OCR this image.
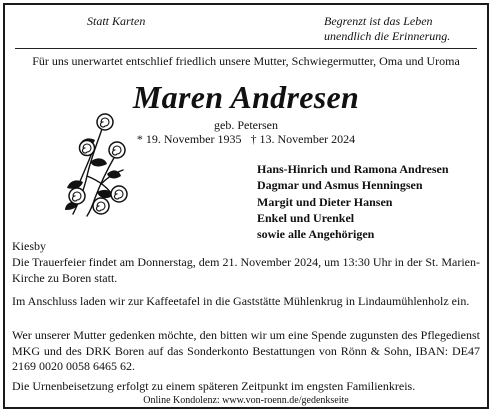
Statt Karten	Begrenzt ist das Leben
unendlich die Erinnerung.
Für uns unerwartet entschlief friedlich unsere Mutter, Schwiegermutter, Oma und Uroma
Maren Andresen
geb. Petersen
* 19. November 1935   † 13. November 2024
Hans-Hinrich und Ramona Andresen
Dagmar und Asmus Henningsen
Margit und Dieter Hansen
Enkel und Urenkel
sowie alle Angehörigen
Kiesby
Die Trauerfeier findet am Donnerstag, dem 21. November 2024, um 13:30 Uhr in der St. Marien-Kirche zu Boren statt.
Im Anschluss laden wir zur Kaffeetafel in die Gaststätte Mühlenkrug in Lindaumühlenholz ein.
Wer unserer Mutter gedenken möchte, den bitten wir um eine Spende zugunsten des Pflegedienst MKG und des DRK Boren auf das Sonderkonto Bestattungen von Rönn & Sohn, IBAN: DE47 2169 0020 0058 6465 62.
Die Urnenbeisetzung erfolgt zu einem späteren Zeitpunkt im engsten Familienkreis.
Online Kondolenz: www.von-roenn.de/gedenkseite
